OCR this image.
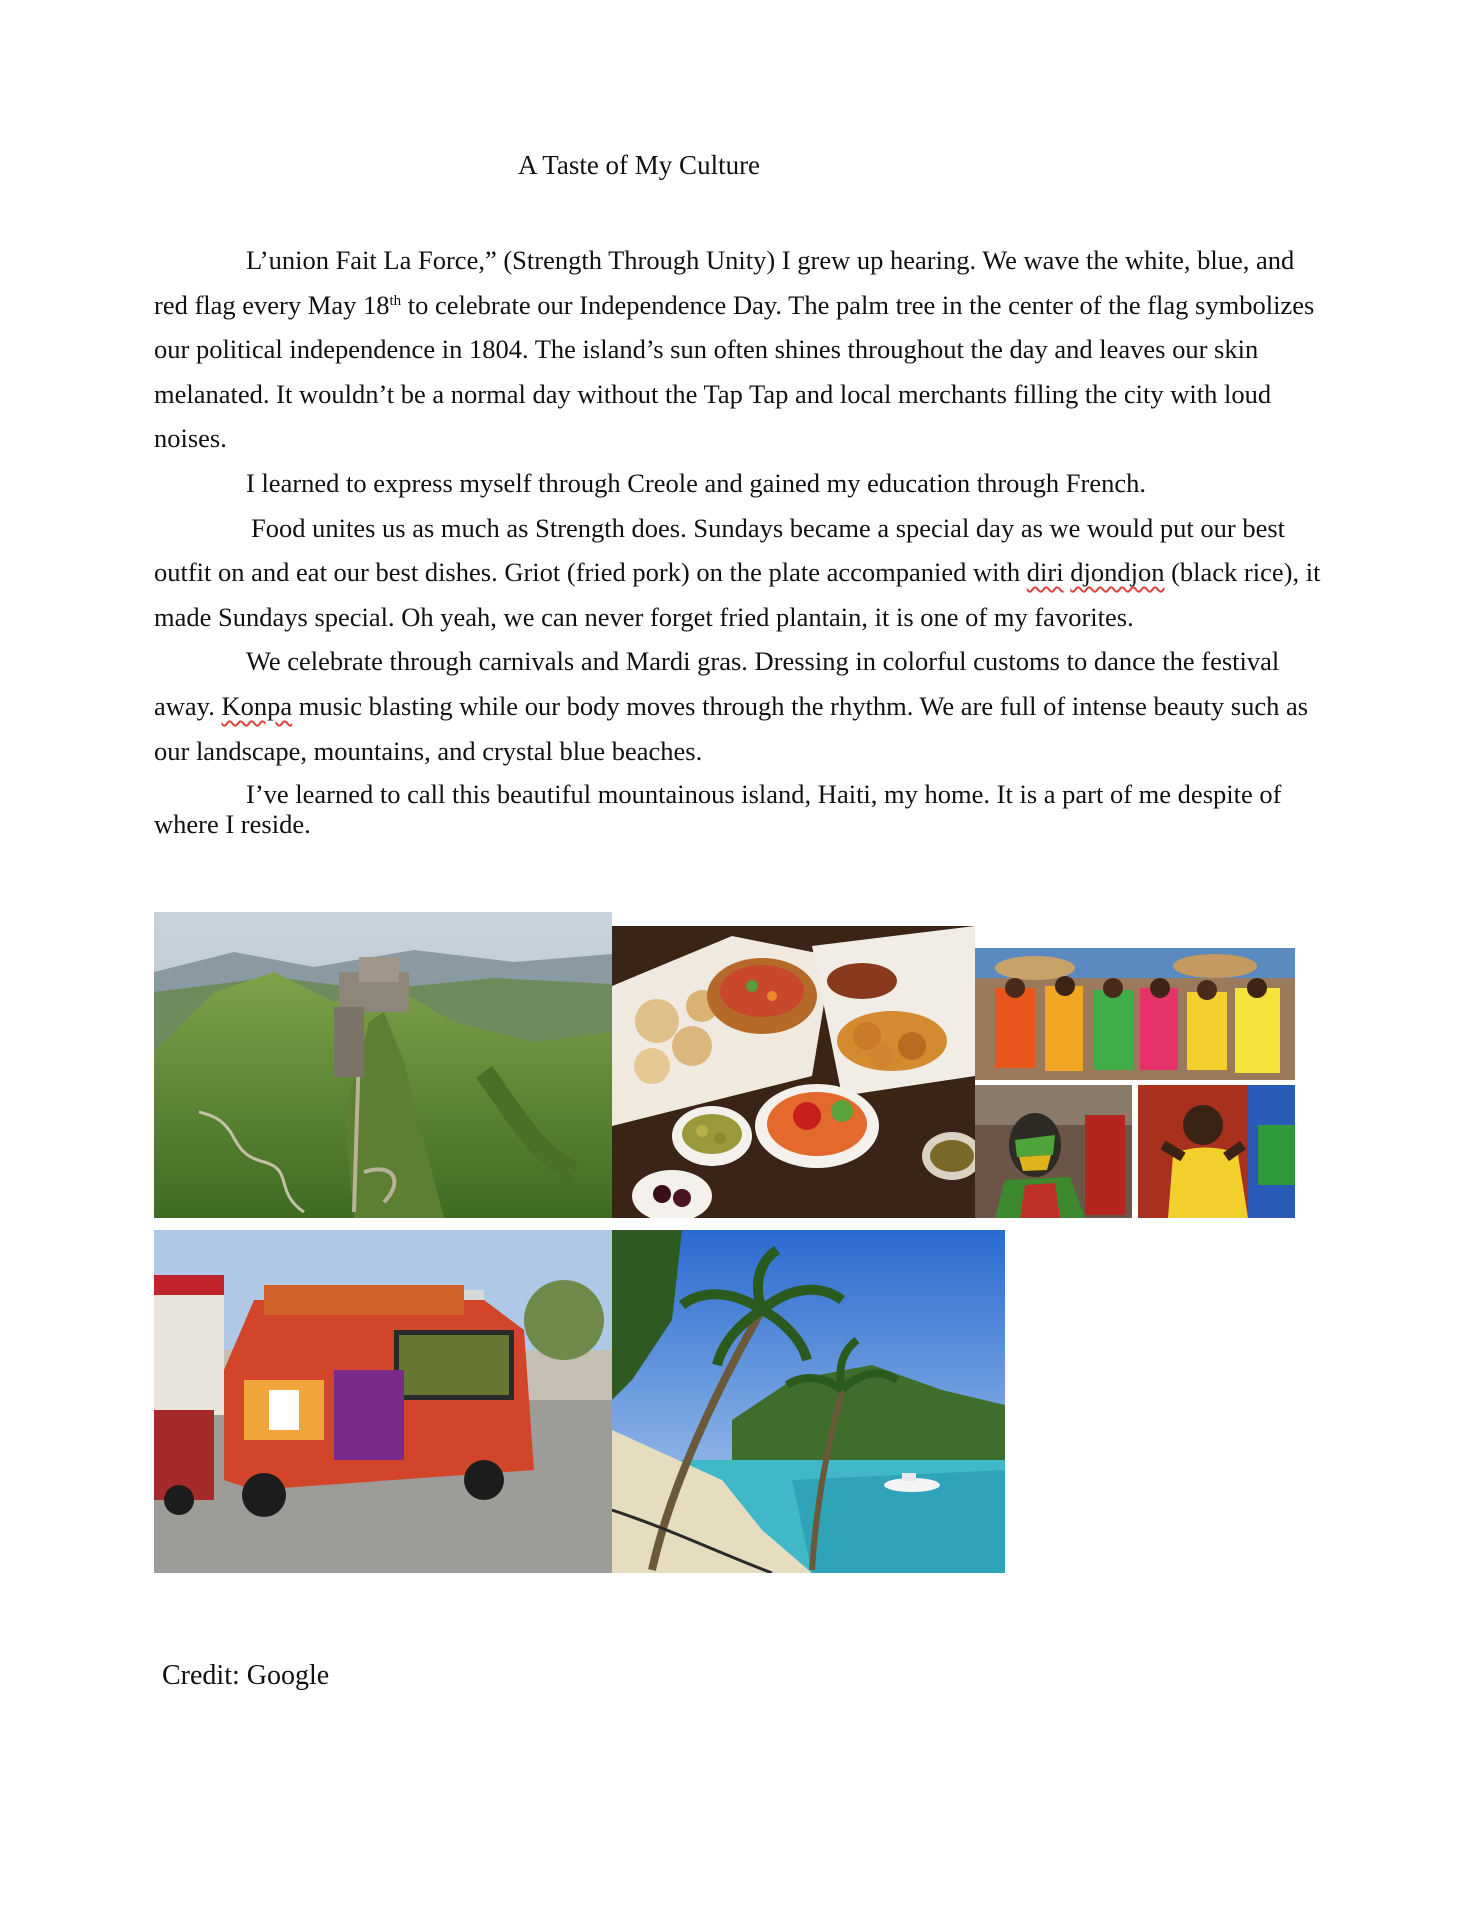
A Taste of My Culture

L’union Fait La Force,” (Strength Through Unity) I grew up hearing. We wave the white, blue, and red flag every May 18th to celebrate our Independence Day. The palm tree in the center of the flag symbolizes our political independence in 1804. The island’s sun often shines throughout the day and leaves our skin melanated. It wouldn’t be a normal day without the Tap Tap and local merchants filling the city with loud noises.

I learned to express myself through Creole and gained my education through French.

Food unites us as much as Strength does. Sundays became a special day as we would put our best outfit on and eat our best dishes. Griot (fried pork) on the plate accompanied with diri djondjon (black rice), it made Sundays special. Oh yeah, we can never forget fried plantain, it is one of my favorites.

We celebrate through carnivals and Mardi gras. Dressing in colorful customs to dance the festival away. Konpa music blasting while our body moves through the rhythm. We are full of intense beauty such as our landscape, mountains, and crystal blue beaches.

I’ve learned to call this beautiful mountainous island, Haiti, my home. It is a part of me despite of where I reside.

Credit: Google
